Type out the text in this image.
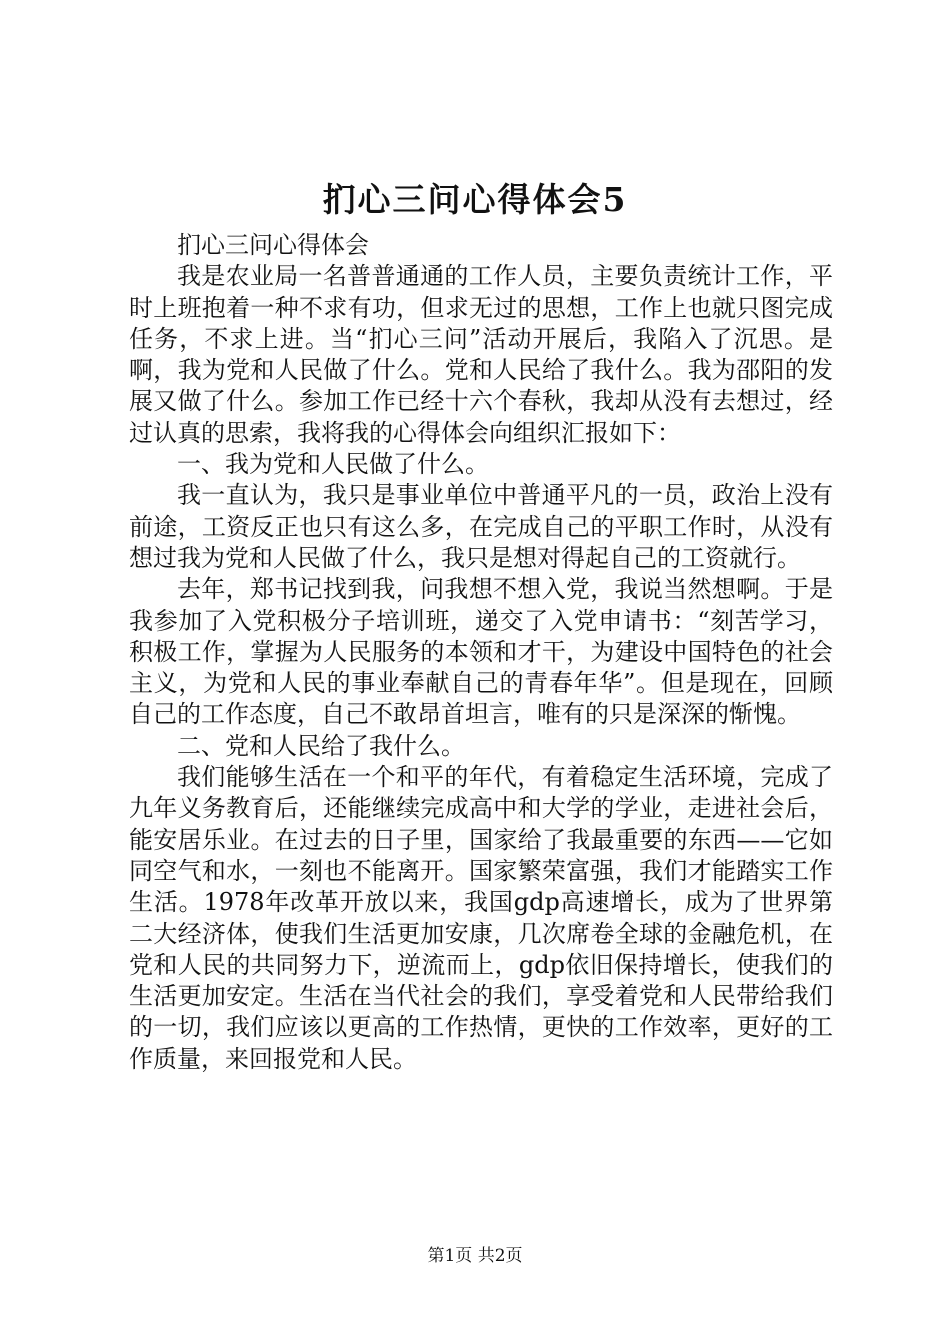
扪心三问心得体会5

扪心三问心得体会

我是农业局一名普普通通的工作人员，主要负责统计工作，平时上班抱着一种不求有功，但求无过的思想，工作上也就只图完成任务，不求上进。当“扪心三问”活动开展后，我陷入了沉思。是啊，我为党和人民做了什么。党和人民给了我什么。我为邵阳的发展又做了什么。参加工作已经十六个春秋，我却从没有去想过，经过认真的思索，我将我的心得体会向组织汇报如下：

一、我为党和人民做了什么。

我一直认为，我只是事业单位中普通平凡的一员，政治上没有前途，工资反正也只有这么多，在完成自己的平职工作时，从没有想过我为党和人民做了什么，我只是想对得起自己的工资就行。

去年，郑书记找到我，问我想不想入党，我说当然想啊。于是我参加了入党积极分子培训班，递交了入党申请书：“刻苦学习，积极工作，掌握为人民服务的本领和才干，为建设中国特色的社会主义，为党和人民的事业奉献自己的青春年华”。但是现在，回顾自己的工作态度，自己不敢昂首坦言，唯有的只是深深的惭愧。

二、党和人民给了我什么。

我们能够生活在一个和平的年代，有着稳定生活环境，完成了九年义务教育后，还能继续完成高中和大学的学业，走进社会后，能安居乐业。在过去的日子里，国家给了我最重要的东西——它如同空气和水，一刻也不能离开。国家繁荣富强，我们才能踏实工作生活。1978年改革开放以来，我国gdp高速增长，成为了世界第二大经济体，使我们生活更加安康，几次席卷全球的金融危机，在党和人民的共同努力下，逆流而上，gdp依旧保持增长，使我们的生活更加安定。生活在当代社会的我们，享受着党和人民带给我们的一切，我们应该以更高的工作热情，更快的工作效率，更好的工作质量，来回报党和人民。

第1页 共2页
